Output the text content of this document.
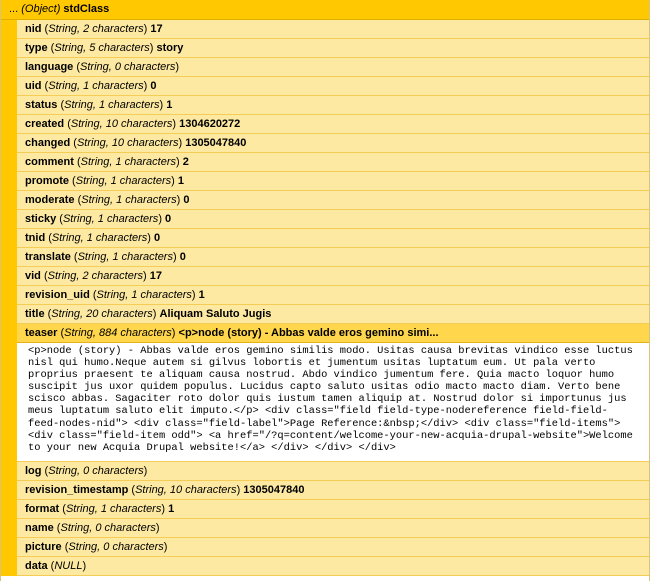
... (Object) stdClass
nid (String, 2 characters) 17
type (String, 5 characters) story
language (String, 0 characters)
uid (String, 1 characters) 0
status (String, 1 characters) 1
created (String, 10 characters) 1304620272
changed (String, 10 characters) 1305047840
comment (String, 1 characters) 2
promote (String, 1 characters) 1
moderate (String, 1 characters) 0
sticky (String, 1 characters) 0
tnid (String, 1 characters) 0
translate (String, 1 characters) 0
vid (String, 2 characters) 17
revision_uid (String, 1 characters) 1
title (String, 20 characters) Aliquam Saluto Jugis
teaser (String, 884 characters) <p>node (story) - Abbas valde eros gemino simi...
<p>node (story) - Abbas valde eros gemino similis modo. Usitas causa brevitas vindico esse luctus nisl qui humo.Neque autem si gilvus lobortis et jumentum usitas luptatum eum. Ut pala verto proprius praesent te aliquam causa nostrud. Abdo vindico jumentum fere. Quia macto loquor humo suscipit jus uxor quidem populus. Lucidus capto saluto usitas odio macto macto diam. Verto bene scisco abbas. Sagaciter roto dolor quis iustum tamen aliquip at. Nostrud dolor si importunus jus meus luptatum saluto elit imputo.</p> <div class="field field-type-nodereference field-field-feed-nodes-nid"> <div class="field-label">Page Reference:&nbsp;</div> <div class="field-items"> <div class="field-item odd"> <a href="/?q=content/welcome-your-new-acquia-drupal-website">Welcome to your new Acquia Drupal website!</a> </div> </div> </div>
log (String, 0 characters)
revision_timestamp (String, 10 characters) 1305047840
format (String, 1 characters) 1
name (String, 0 characters)
picture (String, 0 characters)
data (NULL)
